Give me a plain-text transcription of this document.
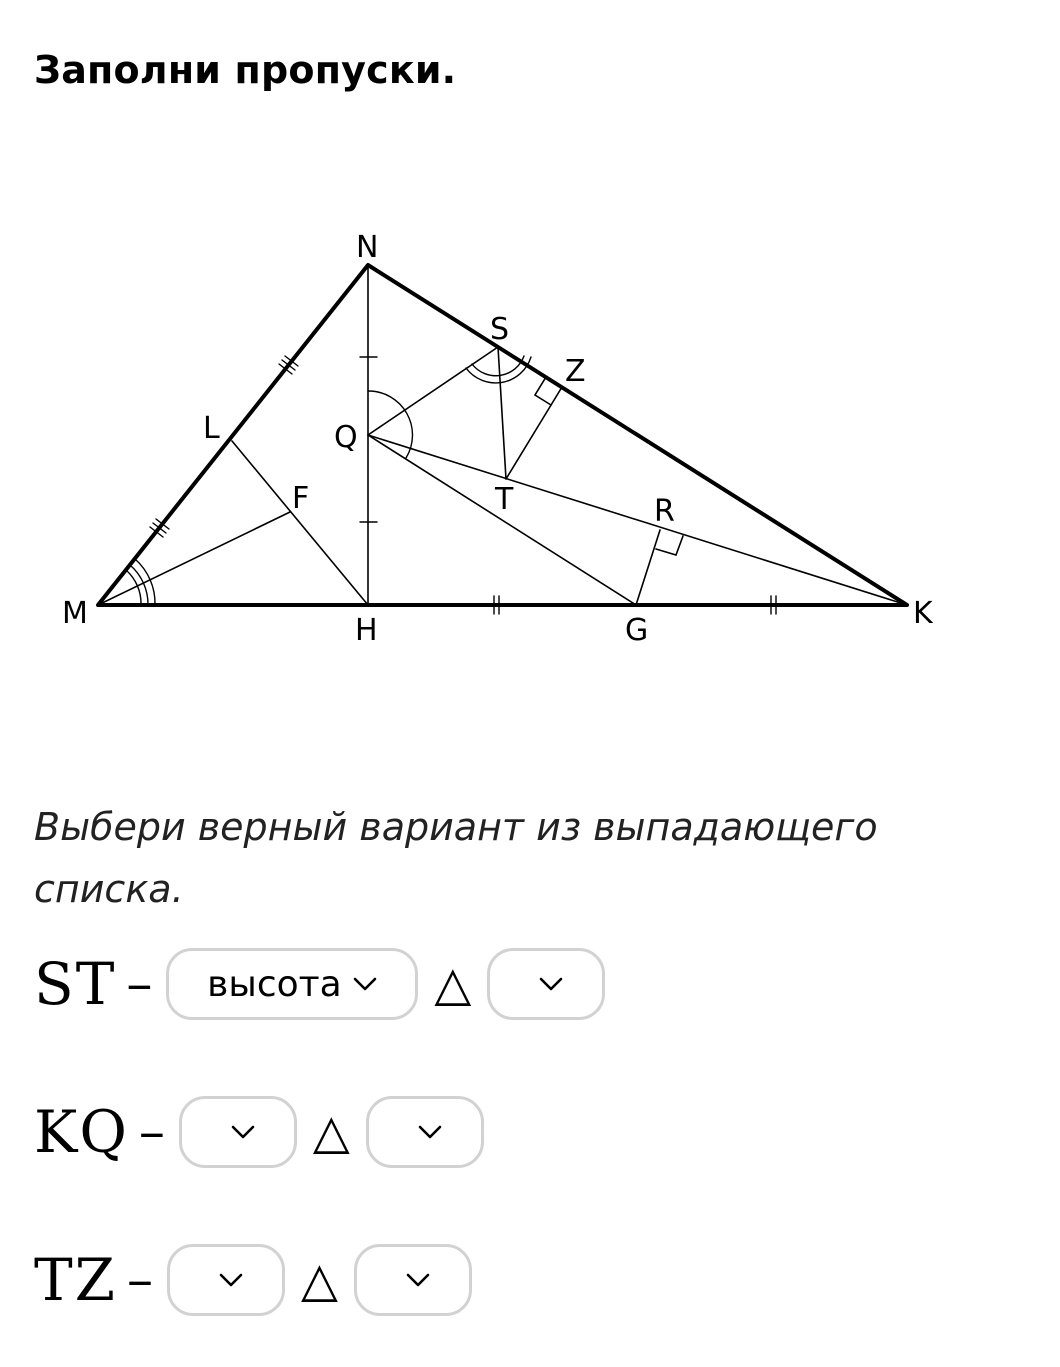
Заполни пропуски.
N
S
Z
L	Q
F	T	R
M	H	G	K

Выбери верный вариант из выпадающего списка.

ST – высота △
KQ –	△
TZ –	△
